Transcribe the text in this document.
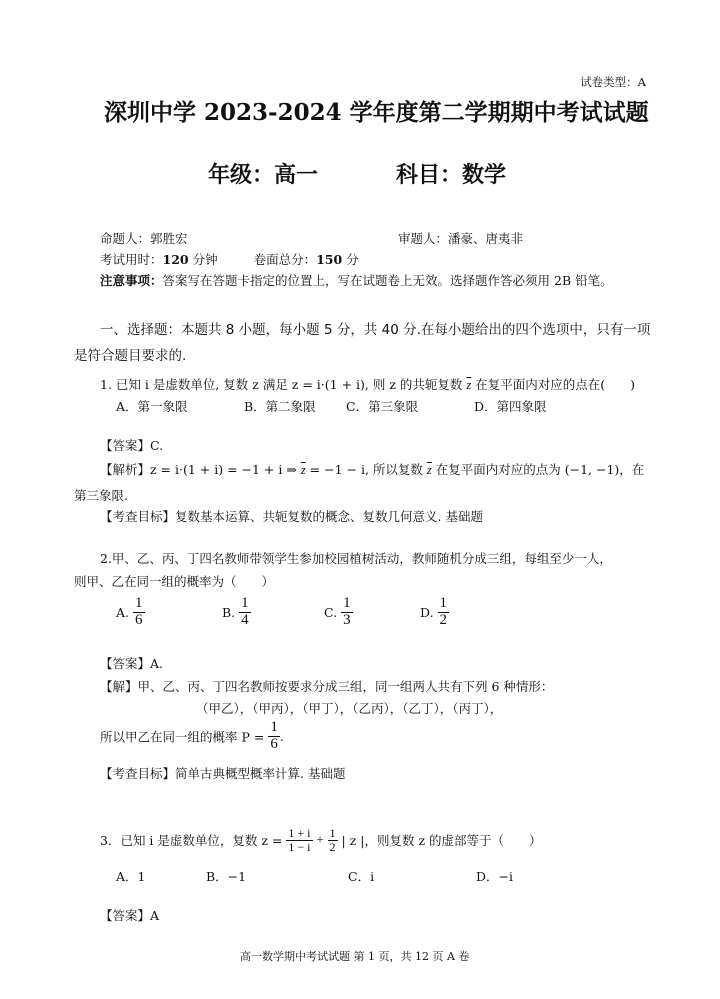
试卷类型：A
深圳中学 2023-2024 学年度第二学期期中考试试题
年级：高一	科目：数学
命题人：郭胜宏	审题人：潘豪、唐夷非
考试用时：120 分钟	卷面总分：150 分
注意事项：答案写在答题卡指定的位置上，写在试题卷上无效。选择题作答必须用 2B 铅笔。
一、选择题：本题共 8 小题，每小题 5 分，共 40 分.在每小题给出的四个选项中，只有一项
是符合题目要求的.
1. 已知 i 是虚数单位, 复数 z 满足 z = i·(1 + i), 则 z 的共轭复数 $\overline{z}$ 在复平面内对应的点在(　　)
A．第一象限	B．第二象限 C．第三象限	D．第四象限
【答案】C.
【解析】z = i·(1 + i) = −1 + i ⇒ $\overline{z} = -1 - i$, 所以复数 $\overline{z}$ 在复平面内对应的点为 (−1, −1)，在
第三象限.
【考查目标】复数基本运算、共轭复数的概念、复数几何意义. 基础题
2.甲、乙、丙、丁四名教师带领学生参加校园植树活动，教师随机分成三组，每组至少一人，
则甲、乙在同一组的概率为（　　）
A. $\frac{1}{6}$	B. $\frac{1}{4}$	C. $\frac{1}{3}$	D. $\frac{1}{2}$
【答案】A.
【解】甲、乙、丙、丁四名教师按要求分成三组，同一组两人共有下列 6 种情形：
（甲乙），（甲丙），（甲丁），（乙丙），（乙丁），（丙丁），
所以甲乙在同一组的概率 $P = \frac{1}{6}$ .
【考查目标】简单古典概型概率计算. 基础题
3．已知 i 是虚数单位，复数 $z = \frac{1 + i}{1 - i} + \frac{1}{2}$ | z |，则复数 z 的虚部等于（　　）
A．1	B．−1	C．i	D．−i
【答案】A
高一数学期中考试试题 第 1 页，共 12 页 A 卷
